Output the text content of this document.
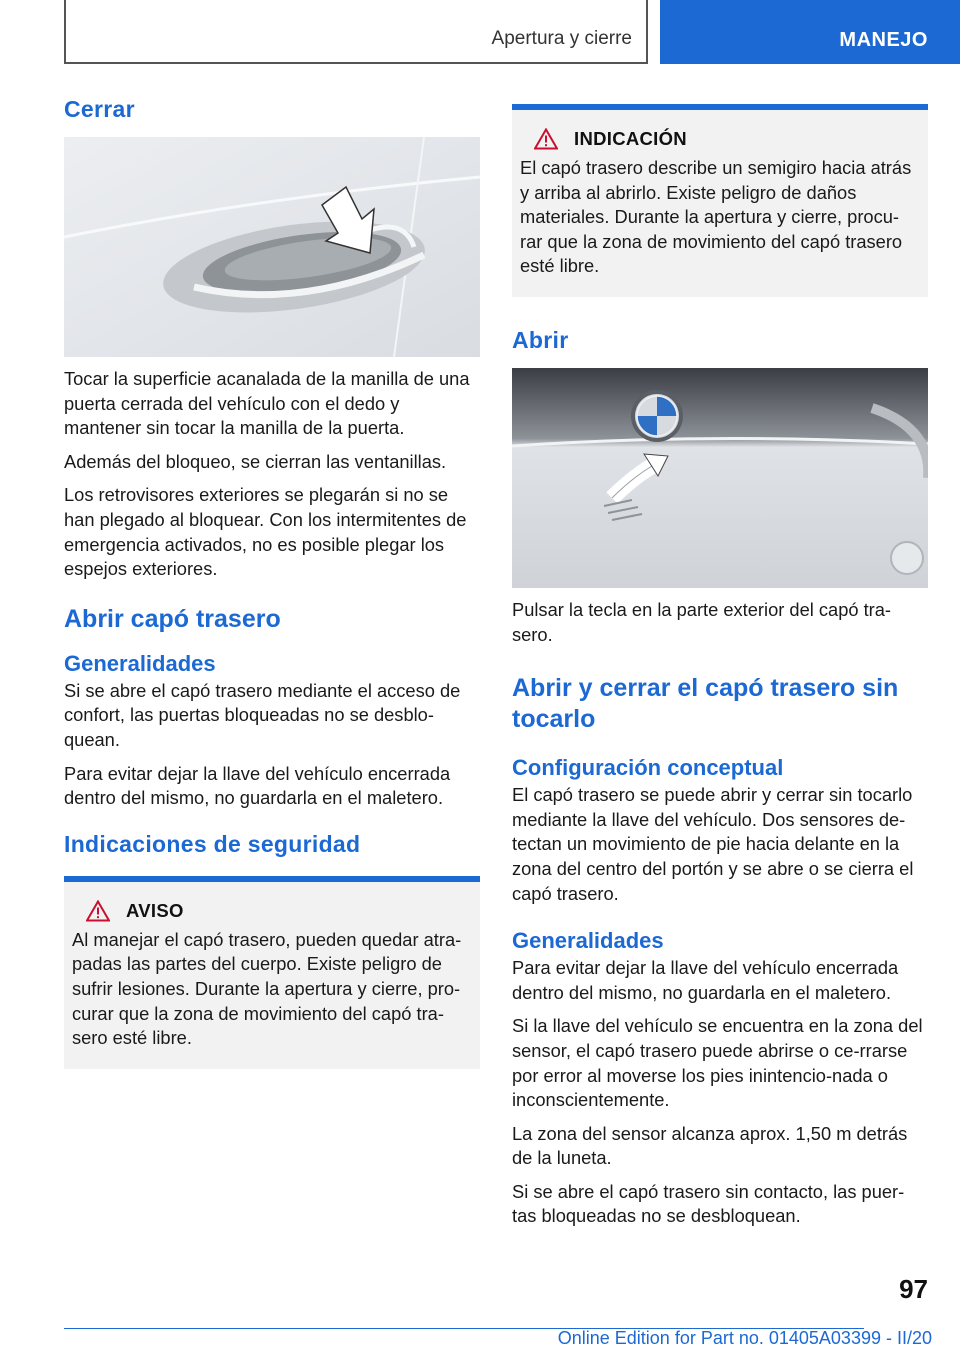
Apertura y cierre	MANEJO
Cerrar

Tocar la superficie acanalada de la manilla de una puerta cerrada del vehículo con el dedo y mantener sin tocar la manilla de la puerta.

Además del bloqueo, se cierran las ventanillas.

Los retrovisores exteriores se plegarán si no se han plegado al bloquear. Con los intermitentes de emergencia activados, no es posible plegar los espejos exteriores.

Abrir capó trasero
Generalidades

Si se abre el capó trasero mediante el acceso de confort, las puertas bloqueadas no se desblo-quean.

Para evitar dejar la llave del vehículo encerrada dentro del mismo, no guardarla en el maletero.

Indicaciones de seguridad
AVISO

Al manejar el capó trasero, pueden quedar atra-padas las partes del cuerpo. Existe peligro de sufrir lesiones. Durante la apertura y cierre, pro-curar que la zona de movimiento del capó tra-sero esté libre.

INDICACIÓN

El capó trasero describe un semigiro hacia atrás y arriba al abrirlo. Existe peligro de daños materiales. Durante la apertura y cierre, procu-rar que la zona de movimiento del capó trasero esté libre.

Abrir

Pulsar la tecla en la parte exterior del capó tra-sero.

Abrir y cerrar el capó trasero sin tocarlo
Configuración conceptual

El capó trasero se puede abrir y cerrar sin tocarlo mediante la llave del vehículo. Dos sensores de-tectan un movimiento de pie hacia delante en la zona del centro del portón y se abre o se cierra el capó trasero.

Generalidades

Para evitar dejar la llave del vehículo encerrada dentro del mismo, no guardarla en el maletero.

Si la llave del vehículo se encuentra en la zona del sensor, el capó trasero puede abrirse o ce-rrarse por error al moverse los pies inintencio-nada o inconscientemente.

La zona del sensor alcanza aprox. 1,50 m detrás de la luneta.

Si se abre el capó trasero sin contacto, las puer-tas bloqueadas no se desbloquean.

97
Online Edition for Part no. 01405A03399 - II/20
